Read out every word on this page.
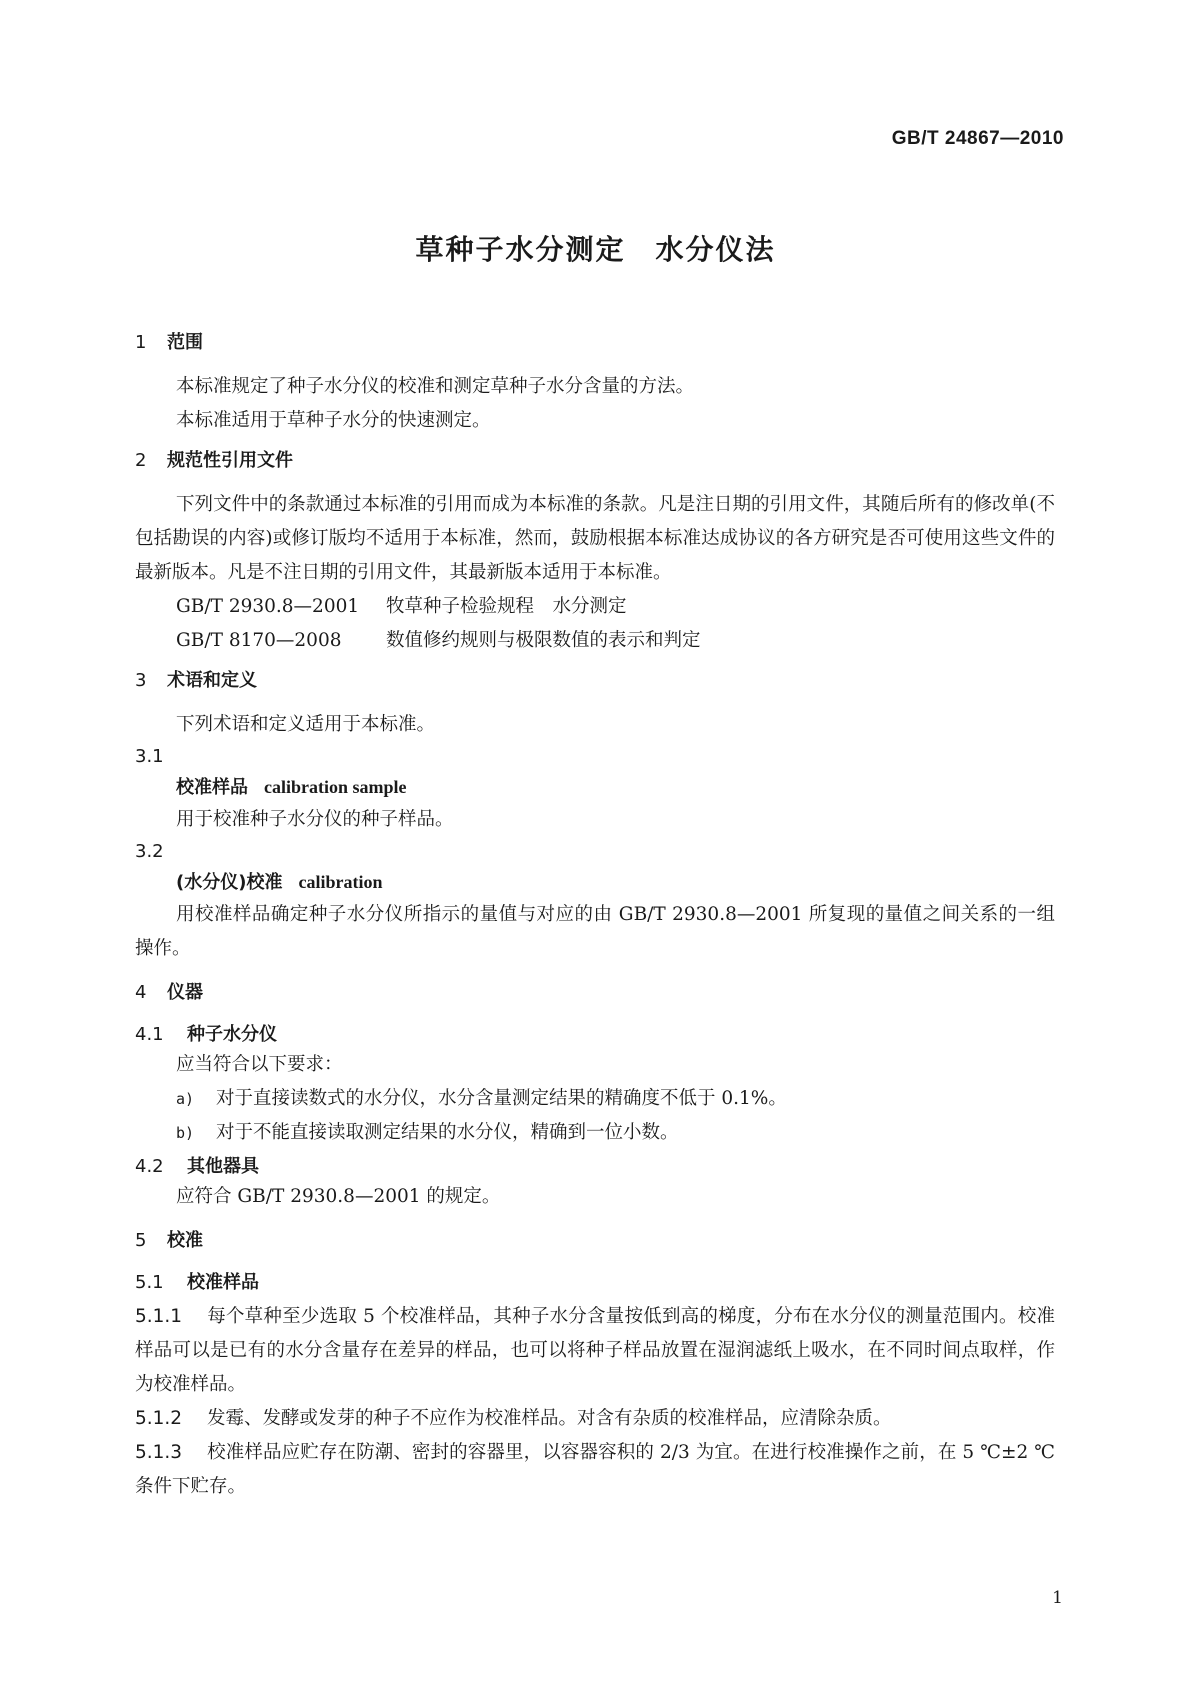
GB/T 24867—2010
草种子水分测定　水分仪法
1	范围

本标准规定了种子水分仪的校准和测定草种子水分含量的方法。

本标准适用于草种子水分的快速测定。

2	规范性引用文件

下列文件中的条款通过本标准的引用而成为本标准的条款。凡是注日期的引用文件，其随后所有的修改单(不包括勘误的内容)或修订版均不适用于本标准，然而，鼓励根据本标准达成协议的各方研究是否可使用这些文件的最新版本。凡是不注日期的引用文件，其最新版本适用于本标准。

GB/T 2930.8—2001 牧草种子检验规程　水分测定

GB/T 8170—2008 数值修约规则与极限数值的表示和判定

3	术语和定义

下列术语和定义适用于本标准。

3.1
校准样品 calibration sample

用于校准种子水分仪的种子样品。

3.2
(水分仪)校准 calibration

用校准样品确定种子水分仪所指示的量值与对应的由 GB/T 2930.8—2001 所复现的量值之间关系的一组操作。

4	仪器
4.1	种子水分仪

应当符合以下要求：

a)	对于直接读数式的水分仪，水分含量测定结果的精确度不低于 0.1%。
b)	对于不能直接读取测定结果的水分仪，精确到一位小数。
4.2	其他器具

应符合 GB/T 2930.8—2001 的规定。

5	校准
5.1	校准样品

5.1.1 每个草种至少选取 5 个校准样品，其种子水分含量按低到高的梯度，分布在水分仪的测量范围内。校准样品可以是已有的水分含量存在差异的样品，也可以将种子样品放置在湿润滤纸上吸水，在不同时间点取样，作为校准样品。

5.1.2 发霉、发酵或发芽的种子不应作为校准样品。对含有杂质的校准样品，应清除杂质。

5.1.3 校准样品应贮存在防潮、密封的容器里，以容器容积的 2/3 为宜。在进行校准操作之前，在 5 ℃±2 ℃条件下贮存。

1
